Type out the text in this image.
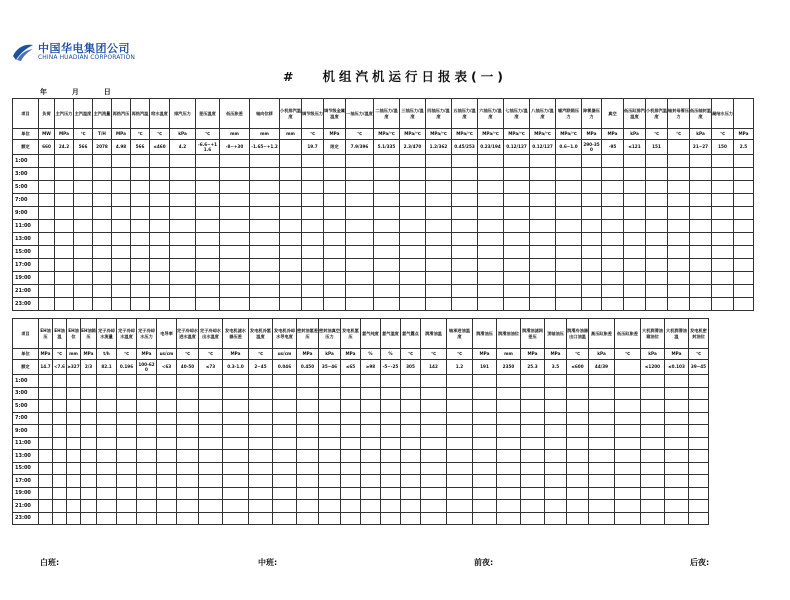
中国华电集团公司
CHINA HUADIAN CORPORATION
#   机组汽机运行日报表(一)
年	月	日
项目	负荷	主汽压力	主汽温度	主汽流量	再热汽压	再热汽温	给水温度	排汽压力	差压温度	低压胀差	轴向位移	小机排汽温度	调节级压力	调节级金属温度	一抽压力/温度	二抽压力/温度	三抽压力/温度	四抽压力/温度	五抽压力/温度	六抽压力/温度	七抽压力/温度	八抽压力/温度	辅汽联箱压力	除氧器压力	真空	低压缸排汽温度	小机排汽温度	轴封母管压力	低压轴封温度	凝结水压力	
单位	MW	MPa	℃	T/H	MPa	℃	℃	kPa	℃	mm	mm	mm	℃	MPa	℃	MPa/℃	MPa/℃	MPa/℃	MPa/℃	MPa/℃	MPa/℃	MPa/℃	MPa/℃	MPa	MPa	kPa	℃	℃	kPa	℃	MPa
额定	660	24.2	566	2078	4.98	566	≤460	4.2	-6.6~+11.6	-8~+30	-1.65~+1.2		19.7	限定	7.9/396	5.1/335	2.3/470	1.2/362	0.45/253	0.23/194	0.12/127	0.12/127	0.6~1.0	290-350	-95	≤121	151		21~27	150	2.5
1:00																															
3:00																															
5:00																															
7:00																															
9:00																															
11:00																															
13:00																															
15:00																															
17:00																															
19:00																															
21:00																															
23:00																															
项目	EH油压	EH油温	EH油位	EH油箱压	定子冷却水流量	定子冷却水温度	定子冷却水压力	电导率	定子冷却水进水温度	定子冷却水出水温度	发电机滤水器压差	发电机冷氢温度	发电机冷却水导电度	密封油氢差压	密封油真空压力	发电机氢压	氢气纯度	氢气湿度	氢气露点	润滑油温	轴承进油温度	润滑油压	润滑油油位	润滑油滤网差压	顶轴油压	润滑冷油器出口油温	高压缸胀差	低压缸胀差	大机润滑油箱油位	大机润滑油温	发电机密封油位
单位	MPa	℃	mm	MPa	t/h	℃	MPa	us/cm	℃	℃	MPa	℃	us/cm	MPa	kPa	MPa	%	%	℃	℃	℃	MPa	mm	MPa	MPa	℃	kPa	℃	kPa	MPa	℃
额定	14.7	<7.6	≥327	2/3	82.1	0.196	100-620	<63	40-50	≤73	0.3-1.0	2~45	0.046	0.450	35~46	≤65	≥98	-5~-25	305	142	1.2	191	2350	25.3	3.5	≤600	44/39		≤1200	≤0.103	39~45
1:00																															
3:00																															
5:00																															
7:00																															
9:00																															
11:00																															
13:00																															
15:00																															
17:00																															
19:00																															
21:00																															
23:00																															
白班:	中班:	前夜:	后夜:
